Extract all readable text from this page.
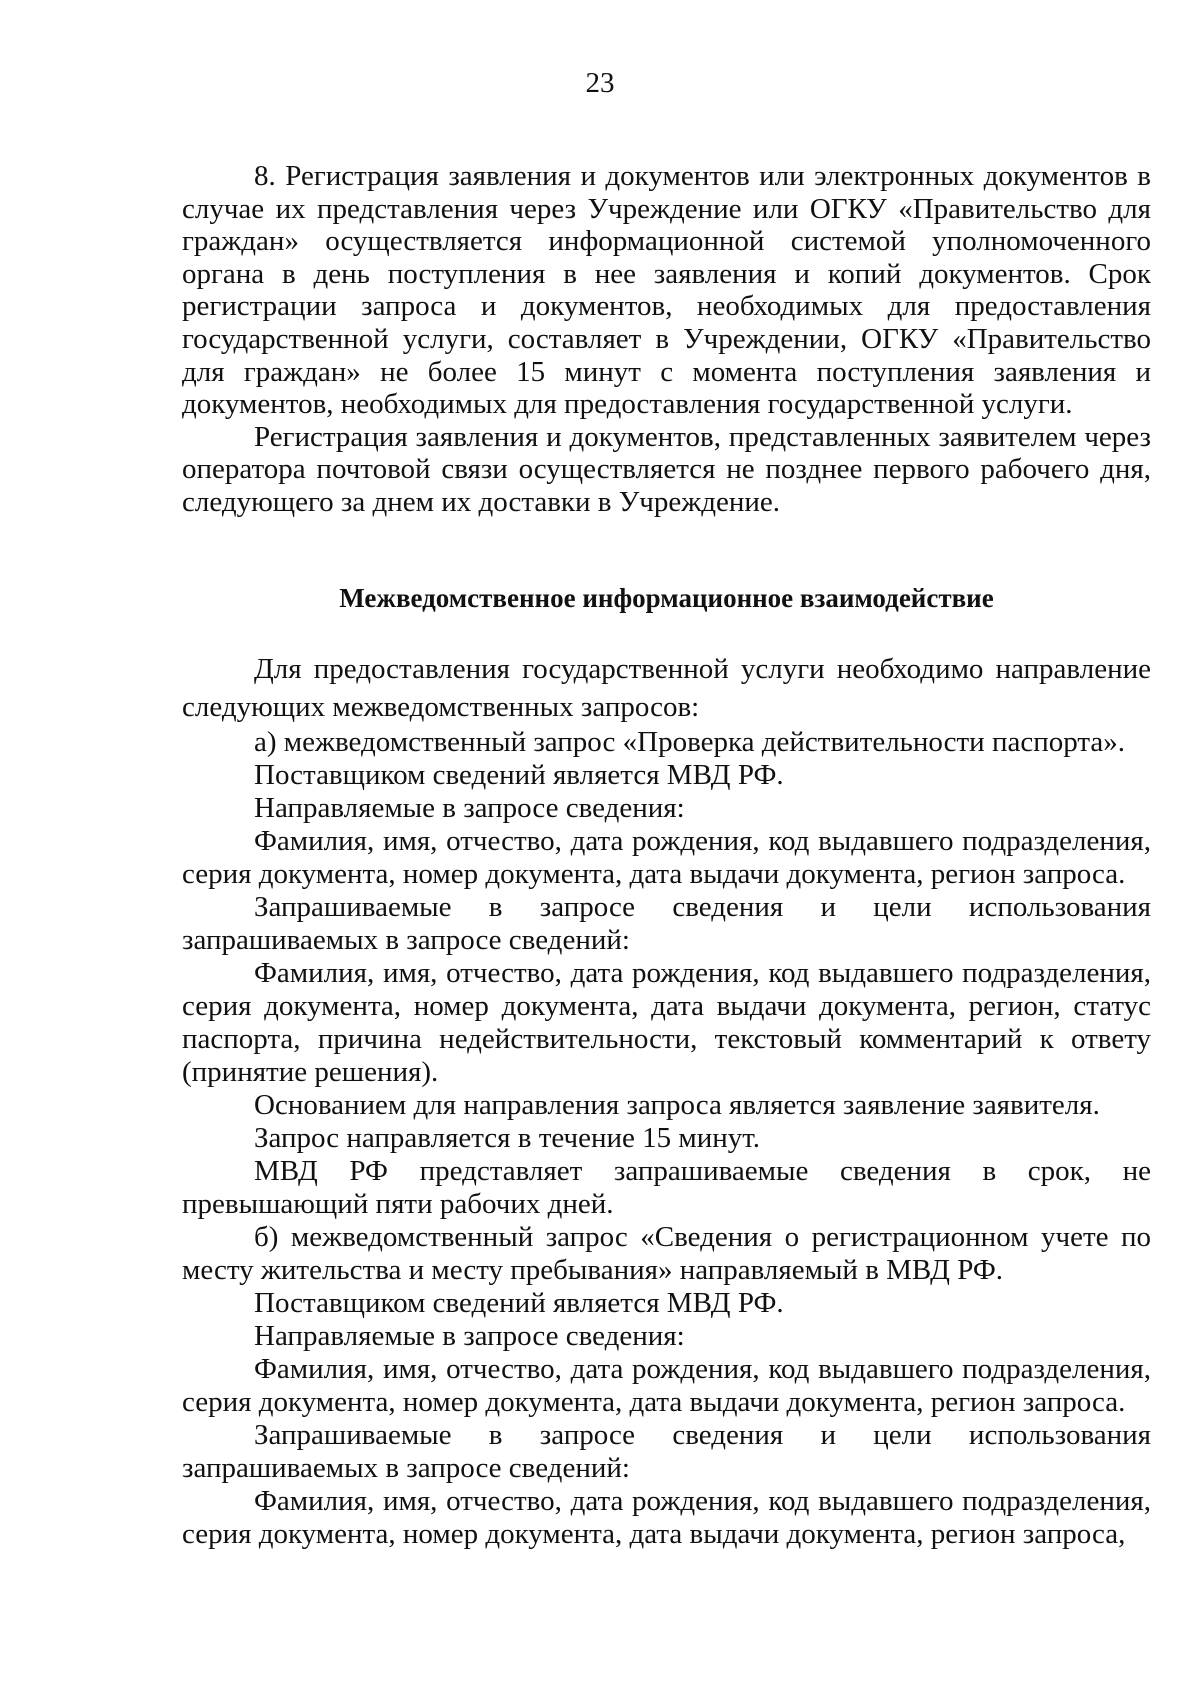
23

8. Регистрация заявления и документов или электронных документов в случае их представления через Учреждение или ОГКУ «Правительство для граждан» осуществляется информационной системой уполномоченного органа в день поступления в нее заявления и копий документов. Срок регистрации запроса и документов, необходимых для предоставления государственной услуги, составляет в Учреждении, ОГКУ «Правительство для граждан» не более 15 минут с момента поступления заявления и документов, необходимых для предоставления государственной услуги.

Регистрация заявления и документов, представленных заявителем через оператора почтовой связи осуществляется не позднее первого рабочего дня, следующего за днем их доставки в Учреждение.

Межведомственное информационное взаимодействие

Для предоставления государственной услуги необходимо направление следующих межведомственных запросов:

а) межведомственный запрос «Проверка действительности паспорта».

Поставщиком сведений является МВД РФ.

Направляемые в запросе сведения:

Фамилия, имя, отчество, дата рождения, код выдавшего подразделения, серия документа, номер документа, дата выдачи документа, регион запроса.

Запрашиваемые в запросе сведения и цели использования запрашиваемых в запросе сведений:

Фамилия, имя, отчество, дата рождения, код выдавшего подразделения, серия документа, номер документа, дата выдачи документа, регион, статус паспорта, причина недействительности, текстовый комментарий к ответу (принятие решения).

Основанием для направления запроса является заявление заявителя.

Запрос направляется в течение 15 минут.

МВД РФ представляет запрашиваемые сведения в срок, не превышающий пяти рабочих дней.

б) межведомственный запрос «Сведения о регистрационном учете по месту жительства и месту пребывания» направляемый в МВД РФ.

Поставщиком сведений является МВД РФ.

Направляемые в запросе сведения:

Фамилия, имя, отчество, дата рождения, код выдавшего подразделения, серия документа, номер документа, дата выдачи документа, регион запроса.

Запрашиваемые в запросе сведения и цели использования запрашиваемых в запросе сведений:

Фамилия, имя, отчество, дата рождения, код выдавшего подразделения, серия документа, номер документа, дата выдачи документа, регион запроса,
